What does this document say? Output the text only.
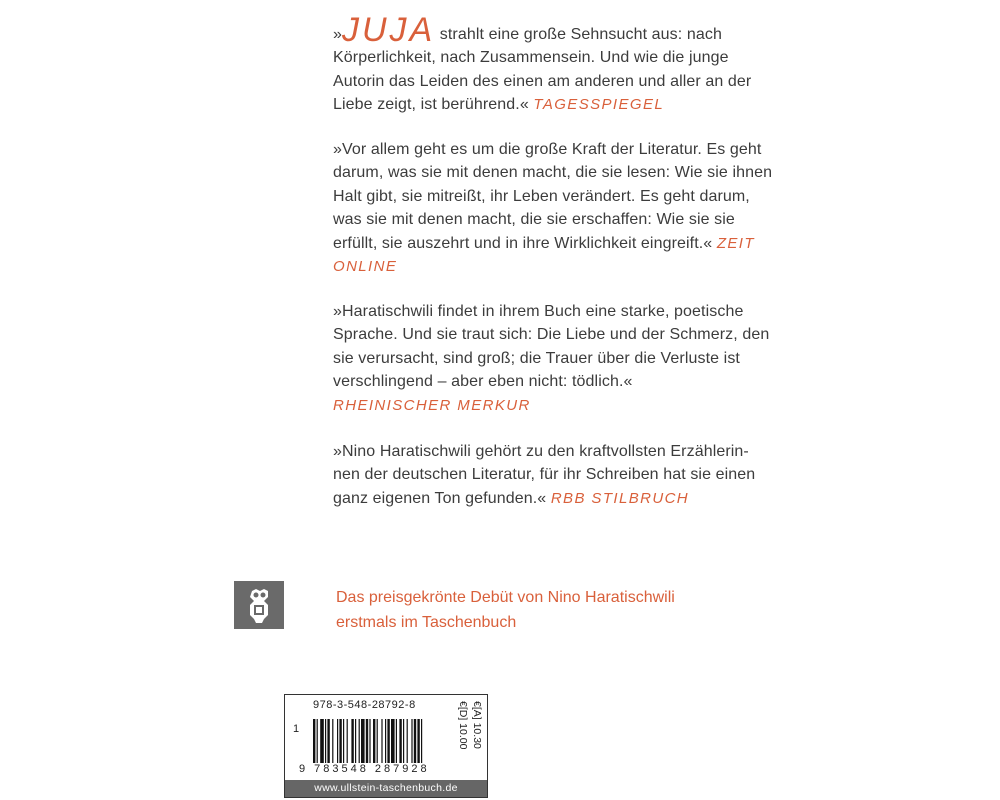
»JUJA strahlt eine große Sehnsucht aus: nach Körperlichkeit, nach Zusammensein. Und wie die junge Autorin das Leiden des einen am anderen und aller an der Liebe zeigt, ist berührend.« TAGESSPIEGEL
»Vor allem geht es um die große Kraft der Literatur. Es geht darum, was sie mit denen macht, die sie lesen: Wie sie ihnen Halt gibt, sie mitreißt, ihr Leben verändert. Es geht darum, was sie mit denen macht, die sie erschaffen: Wie sie sie erfüllt, sie auszehrt und in ihre Wirklichkeit eingreift.« ZEIT ONLINE
»Haratischwili findet in ihrem Buch eine starke, poetische Sprache. Und sie traut sich: Die Liebe und der Schmerz, den sie verursacht, sind groß; die Trauer über die Verluste ist verschlingend – aber eben nicht: tödlich.«
RHEINISCHER MERKUR
»Nino Haratischwili gehört zu den kraftvollsten Erzählerin-nen der deutschen Literatur, für ihr Schreiben hat sie einen ganz eigenen Ton gefunden.« RBB STILBRUCH
Das preisgekrönte Debüt von Nino Haratischwili
erstmals im Taschenbuch
978-3-548-28792-8
1
9 783548 287928
€[D] 10.00 €[A] 10.30
www.ullstein-taschenbuch.de
